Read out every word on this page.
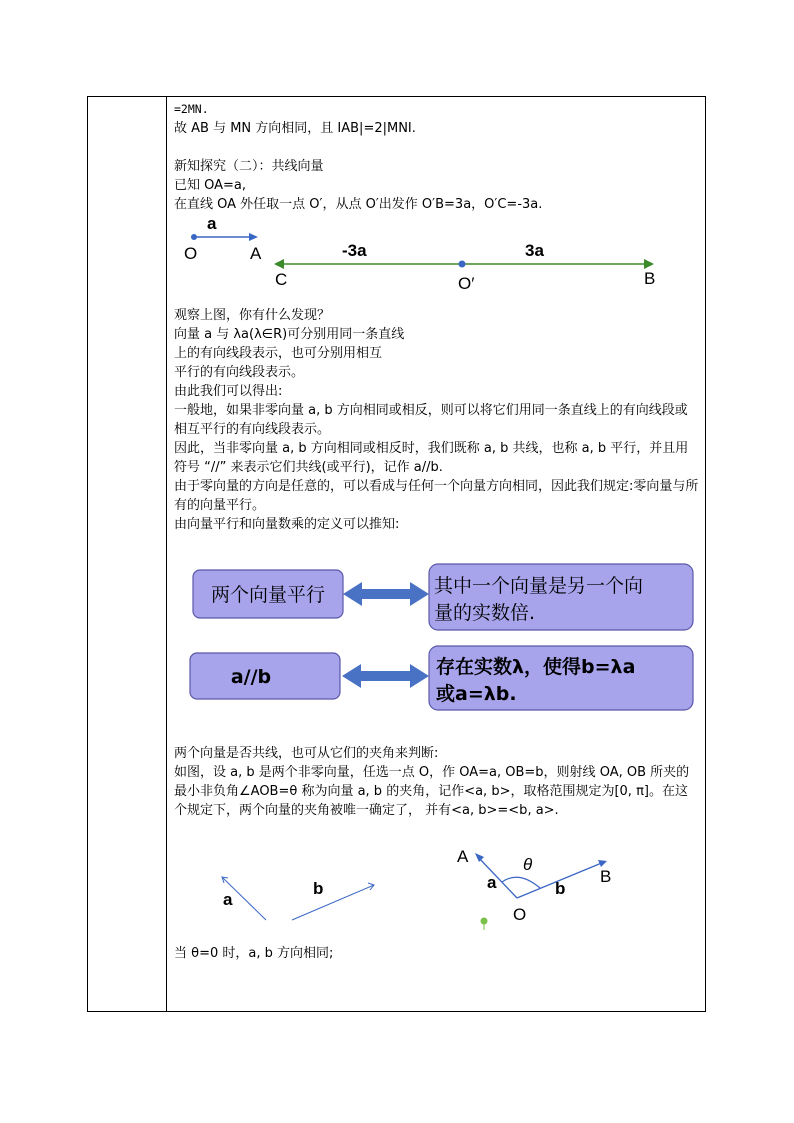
=2MN.
故 AB 与 MN 方向相同，且 IAB|=2|MNI.
新知探究（二）：共线向量
已知 OA=a,
在直线 OA 外任取一点 O′，从点 O′出发作 O′B=3a，O′C=-3a.
a
O	A	-3a	3a
C	O′	B
观察上图，你有什么发现？
向量 a 与 λa(λ∈R)可分别用同一条直线
上的有向线段表示，也可分别用相互
平行的有向线段表示。
由此我们可以得出:
一般地，如果非零向量 a, b 方向相同或相反，则可以将它们用同一条直线上的有向线段或相互平行的有向线段表示。
因此，当非零向量 a, b 方向相同或相反时，我们既称 a, b 共线，也称 a, b 平行，并且用符号 “//” 来表示它们共线(或平行)，记作 a//b.
由于零向量的方向是任意的，可以看成与任何一个向量方向相同，因此我们规定:零向量与所有的向量平行。
由向量平行和向量数乘的定义可以推知:
两个向量平行	其中一个向量是另一个向
量的实数倍.
a//b	存在实数λ，使得b=λa
或a=λb.
两个向量是否共线，也可从它们的夹角来判断:
如图，设 a, b 是两个非零向量，任选一点 O，作 OA=a, OB=b，则射线 OA, OB 所夹的最小非负角∠AOB=θ 称为向量 a, b 的夹角，记作<a, b>，取格范围规定为[0, π]。在这个规定下，两个向量的夹角被唯一确定了， 并有<a, b>=<b, a>.
a
b
A	θ
a	b
B
O
当 θ=0 时，a, b 方向相同;
